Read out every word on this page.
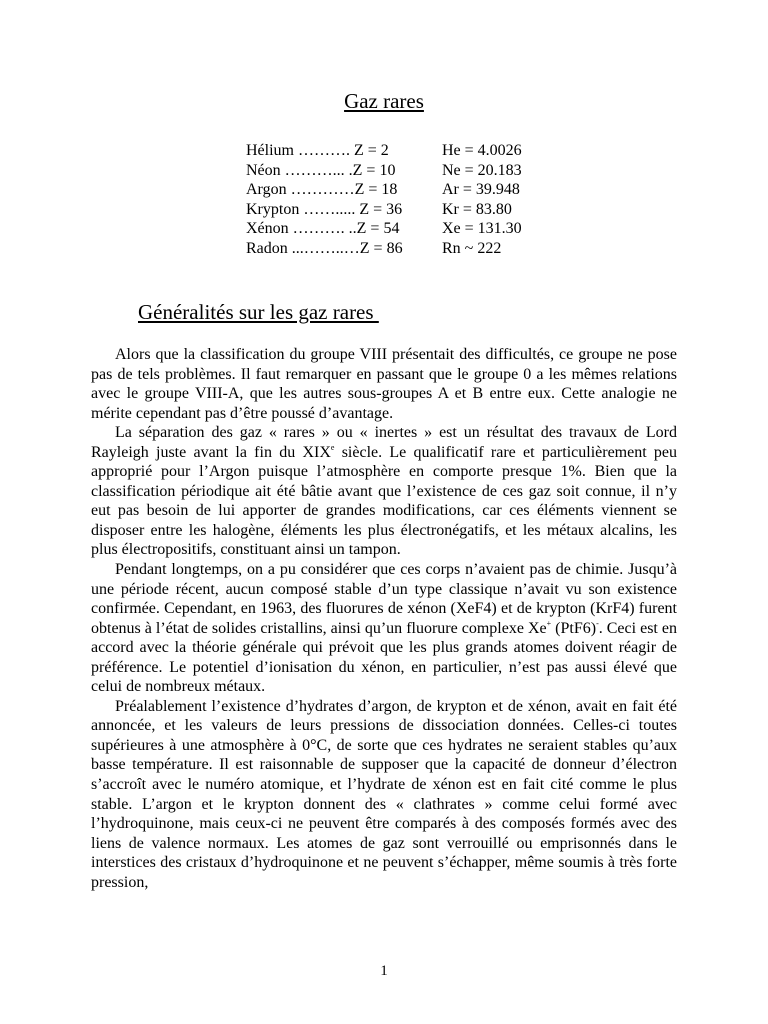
Gaz rares
Hélium ………. Z = 2	He = 4.0026
Néon ………... .Z = 10	Ne = 20.183
Argon …………Z = 18	Ar = 39.948
Krypton ……..... Z = 36	Kr = 83.80
Xénon ………. ..Z = 54	Xe = 131.30
Radon ...……..…Z = 86	Rn ~ 222
Généralités sur les gaz rares

Alors que la classification du groupe VIII présentait des difficultés, ce groupe ne pose pas de tels problèmes. Il faut remarquer en passant que le groupe 0 a les mêmes relations avec le groupe VIII-A, que les autres sous-groupes A et B entre eux. Cette analogie ne mérite cependant pas d’être poussé d’avantage.

La séparation des gaz « rares » ou « inertes » est un résultat des travaux de Lord Rayleigh juste avant la fin du XIXe siècle. Le qualificatif rare et particulièrement peu approprié pour l’Argon puisque l’atmosphère en comporte presque 1%. Bien que la classification périodique ait été bâtie avant que l’existence de ces gaz soit connue, il n’y eut pas besoin de lui apporter de grandes modifications, car ces éléments viennent se disposer entre les halogène, éléments les plus électronégatifs, et les métaux alcalins, les plus électropositifs, constituant ainsi un tampon.

Pendant longtemps, on a pu considérer que ces corps n’avaient pas de chimie. Jusqu’à une période récent, aucun composé stable d’un type classique n’avait vu son existence confirmée. Cependant, en 1963, des fluorures de xénon (XeF4) et de krypton (KrF4) furent obtenus à l’état de solides cristallins, ainsi qu’un fluorure complexe Xe+ (PtF6)-. Ceci est en accord avec la théorie générale qui prévoit que les plus grands atomes doivent réagir de préférence. Le potentiel d’ionisation du xénon, en particulier, n’est pas aussi élevé que celui de nombreux métaux.

Préalablement l’existence d’hydrates d’argon, de krypton et de xénon, avait en fait été annoncée, et les valeurs de leurs pressions de dissociation données. Celles-ci toutes supérieures à une atmosphère à 0°C, de sorte que ces hydrates ne seraient stables qu’aux basse température. Il est raisonnable de supposer que la capacité de donneur d’électron s’accroît avec le numéro atomique, et l’hydrate de xénon est en fait cité comme le plus stable. L’argon et le krypton donnent des « clathrates » comme celui formé avec l’hydroquinone, mais ceux-ci ne peuvent être comparés à des composés formés avec des liens de valence normaux. Les atomes de gaz sont verrouillé ou emprisonnés dans le interstices des cristaux d’hydroquinone et ne peuvent s’échapper, même soumis à très forte pression,

1
